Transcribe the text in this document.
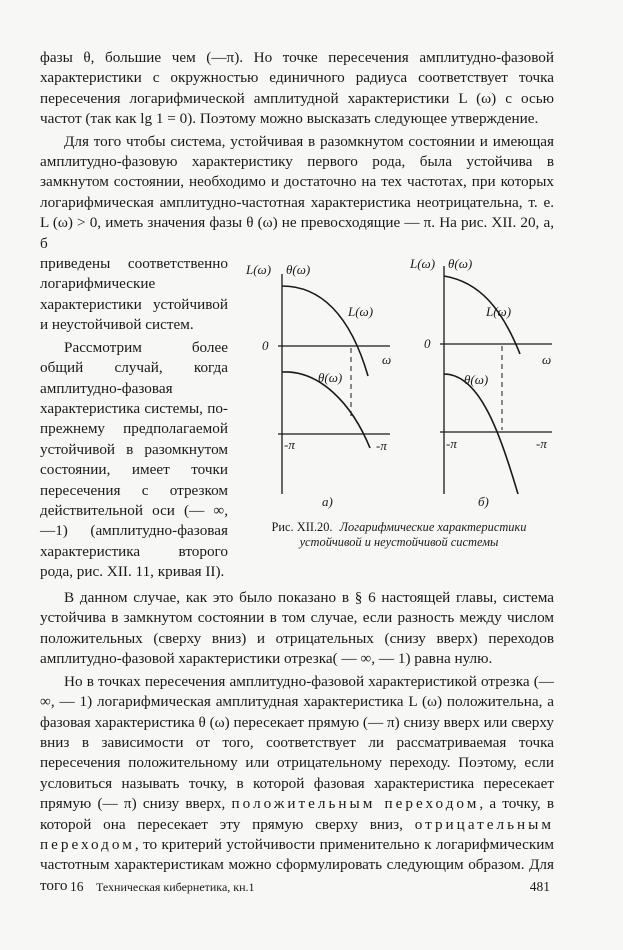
фазы θ, большие чем (—π). Но точке пересечения амплитудно-фазовой характеристики с окружностью единичного радиуса соответствует точка пересечения логарифмической амплитудной характеристики L (ω) с осью частот (так как lg 1 = 0). Поэтому можно высказать следующее утверждение.

Для того чтобы система, устойчивая в разомкнутом состоянии и имеющая амплитудно-фазовую характеристику первого рода, была устойчива в замкнутом состоянии, необходимо и достаточно на тех частотах, при которых логарифмическая амплитудно-частотная характеристика неотрицательна, т. е. L (ω) > 0, иметь значения фазы θ (ω) не превосходящие — π. На рис. XII. 20, а, б

приведены соответственно логарифмические характеристики устойчивой и неустойчивой систем.

Рассмотрим более общий случай, когда амплитудно-фазовая характеристика системы, по-прежнему предполагаемой устойчивой в разомкнутом состоянии, имеет точки пересечения с отрезком действительной оси (— ∞, —1) (амплитудно-фазовая характеристика второго рода, рис. XII. 11, кривая II).

L(ω) θ(ω)
0
ω
L(ω)
θ(ω)
-π	-π
а)
L(ω) θ(ω)
0
ω
L(ω)
θ(ω)
-π	-π
б)
Рис. XII.20. Логарифмические характеристики устойчивой и неустойчивой системы

В данном случае, как это было показано в § 6 настоящей главы, система устойчива в замкнутом состоянии в том случае, если разность между числом положительных (сверху вниз) и отрицательных (снизу вверх) переходов амплитудно-фазовой характеристики отрезка( — ∞, — 1) равна нулю.

Но в точках пересечения амплитудно-фазовой характеристикой отрезка (— ∞, — 1) логарифмическая амплитудная характеристика L (ω) положительна, а фазовая характеристика θ (ω) пересекает прямую (— π) снизу вверх или сверху вниз в зависимости от того, соответствует ли рассматриваемая точка пересечения положительному или отрицательному переходу. Поэтому, если условиться называть точку, в которой фазовая характеристика пересекает прямую (— π) снизу вверх, положительным переходом, а точку, в которой она пересекает эту прямую сверху вниз, отрицательным переходом, то критерий устойчивости применительно к логарифмическим частотным характеристикам можно сформулировать следующим образом. Для того 16 Техническая кибернетика, кн.1	481
